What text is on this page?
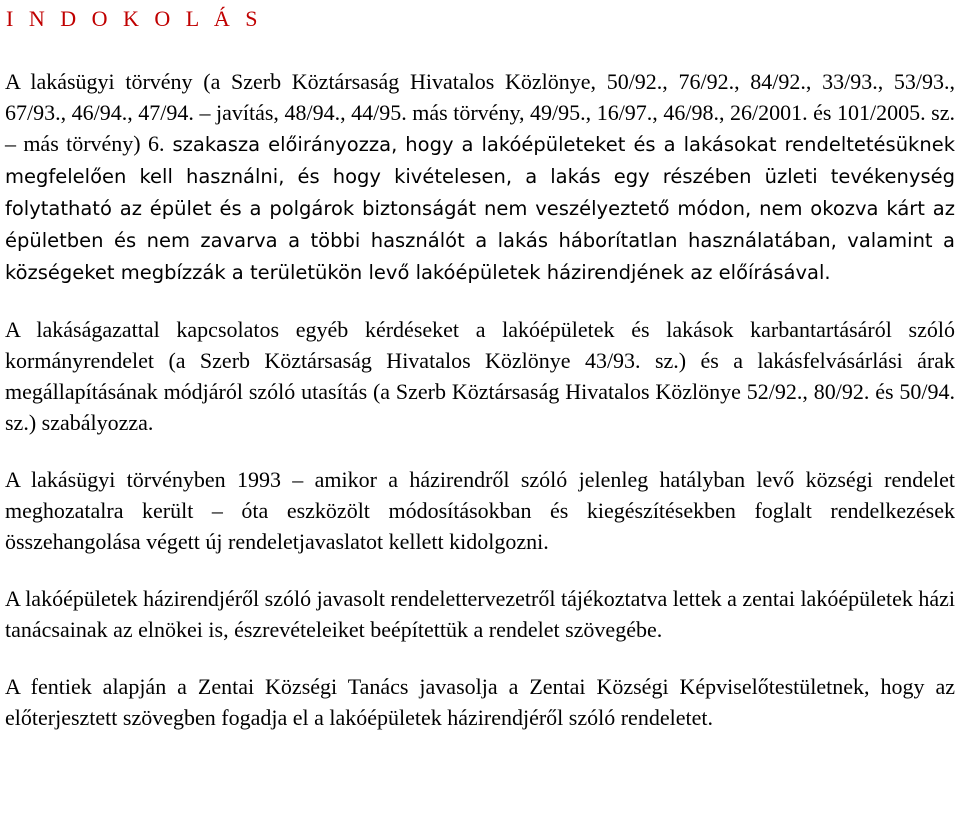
I N D O K O L Á S

A lakásügyi törvény (a Szerb Köztársaság Hivatalos Közlönye, 50/92., 76/92., 84/92., 33/93., 53/93., 67/93., 46/94., 47/94. – javítás, 48/94., 44/95. más törvény, 49/95., 16/97., 46/98., 26/2001. és 101/2005. sz. – más törvény) 6. szakasza előirányozza, hogy a lakóépületeket és a lakásokat rendeltetésüknek megfelelően kell használni, és hogy kivételesen, a lakás egy részében üzleti tevékenység folytatható az épület és a polgárok biztonságát nem veszélyeztető módon, nem okozva kárt az épületben és nem zavarva a többi használót a lakás háborítatlan használatában, valamint a községeket megbízzák a területükön levő lakóépületek házirendjének az előírásával.

A lakáságazattal kapcsolatos egyéb kérdéseket a lakóépületek és lakások karbantartásáról szóló kormányrendelet (a Szerb Köztársaság Hivatalos Közlönye 43/93. sz.) és a lakásfelvásárlási árak megállapításának módjáról szóló utasítás (a Szerb Köztársaság Hivatalos Közlönye 52/92., 80/92. és 50/94. sz.) szabályozza.

A lakásügyi törvényben 1993 – amikor a házirendről szóló jelenleg hatályban levő községi rendelet meghozatalra került – óta eszközölt módosításokban és kiegészítésekben foglalt rendelkezések összehangolása végett új rendeletjavaslatot kellett kidolgozni.

A lakóépületek házirendjéről szóló javasolt rendelettervezetről tájékoztatva lettek a zentai lakóépületek házi tanácsainak az elnökei is, észrevételeiket beépítettük a rendelet szövegébe.

A fentiek alapján a Zentai Községi Tanács javasolja a Zentai Községi Képviselőtestületnek, hogy az előterjesztett szövegben fogadja el a lakóépületek házirendjéről szóló rendeletet.
